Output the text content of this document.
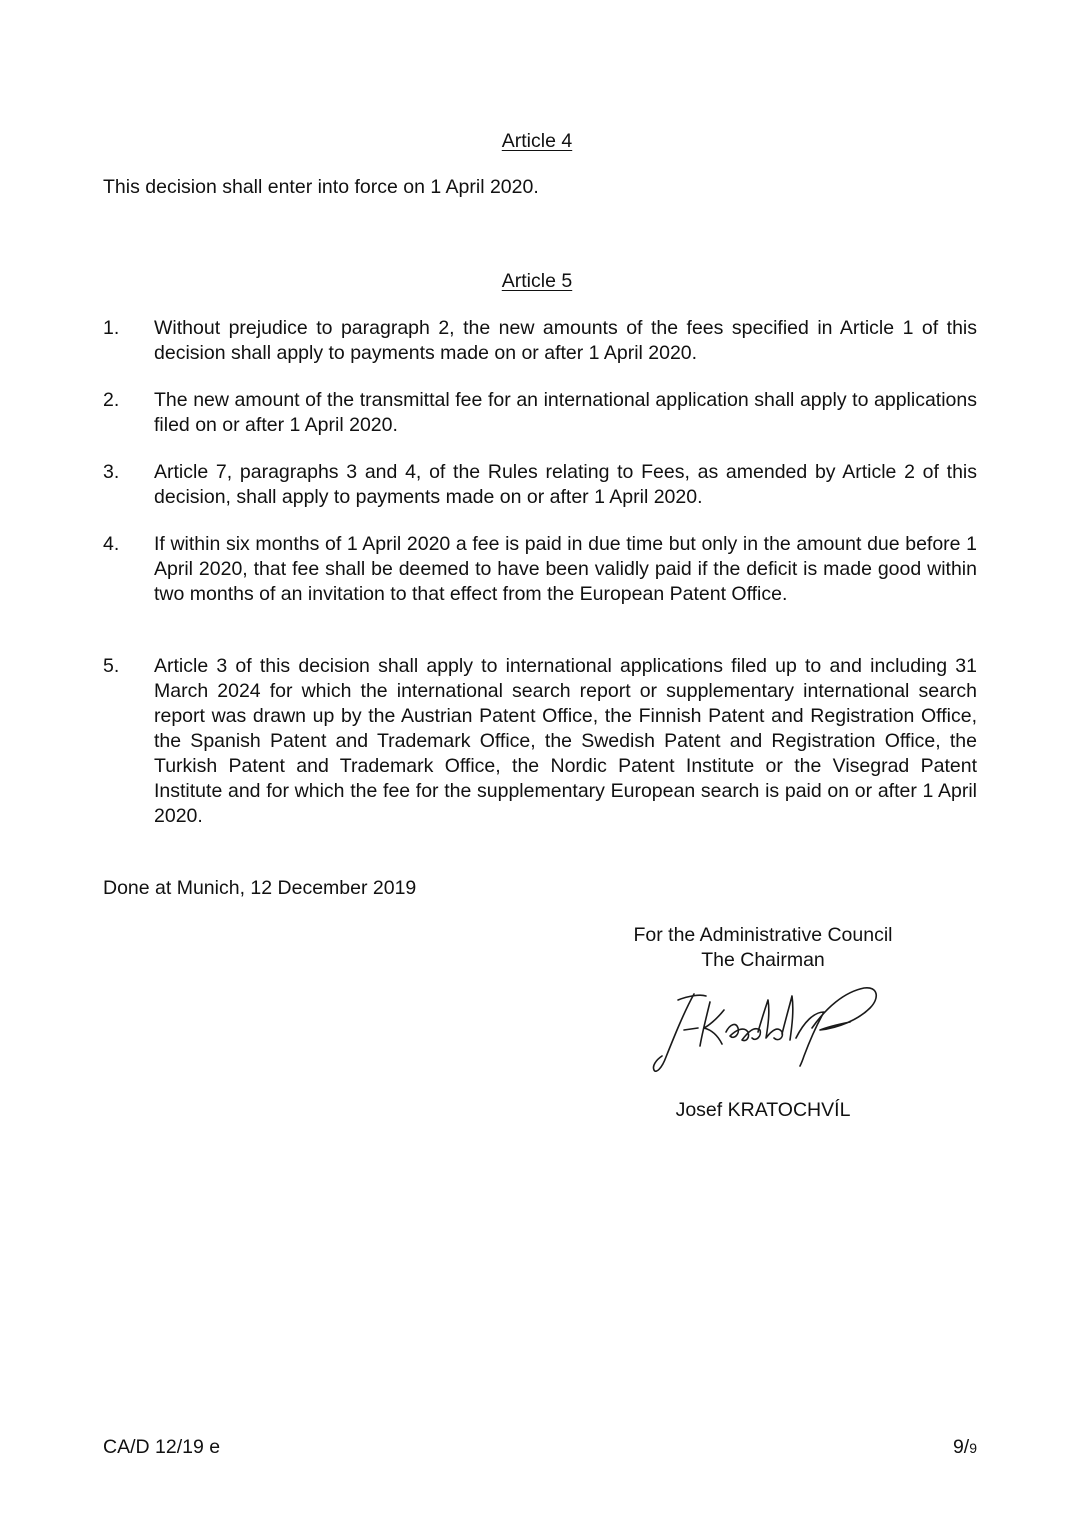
Article 4

This decision shall enter into force on 1 April 2020.

Article 5
1.	Without prejudice to paragraph 2, the new amounts of the fees specified in Article 1 of this decision shall apply to payments made on or after 1 April 2020.
2.	The new amount of the transmittal fee for an international application shall apply to applications filed on or after 1 April 2020.
3.	Article 7, paragraphs 3 and 4, of the Rules relating to Fees, as amended by Article 2 of this decision, shall apply to payments made on or after 1 April 2020.
4.	If within six months of 1 April 2020 a fee is paid in due time but only in the amount due before 1 April 2020, that fee shall be deemed to have been validly paid if the deficit is made good within two months of an invitation to that effect from the European Patent Office.
5.	Article 3 of this decision shall apply to international applications filed up to and including 31 March 2024 for which the international search report or supplementary international search report was drawn up by the Austrian Patent Office, the Finnish Patent and Registration Office, the Spanish Patent and Trademark Office, the Swedish Patent and Registration Office, the Turkish Patent and Trademark Office, the Nordic Patent Institute or the Visegrad Patent Institute and for which the fee for the supplementary European search is paid on or after 1 April 2020.

Done at Munich, 12 December 2019

For the Administrative Council
The Chairman
Josef KRATOCHVÍL
CA/D 12/19 e	9/9
